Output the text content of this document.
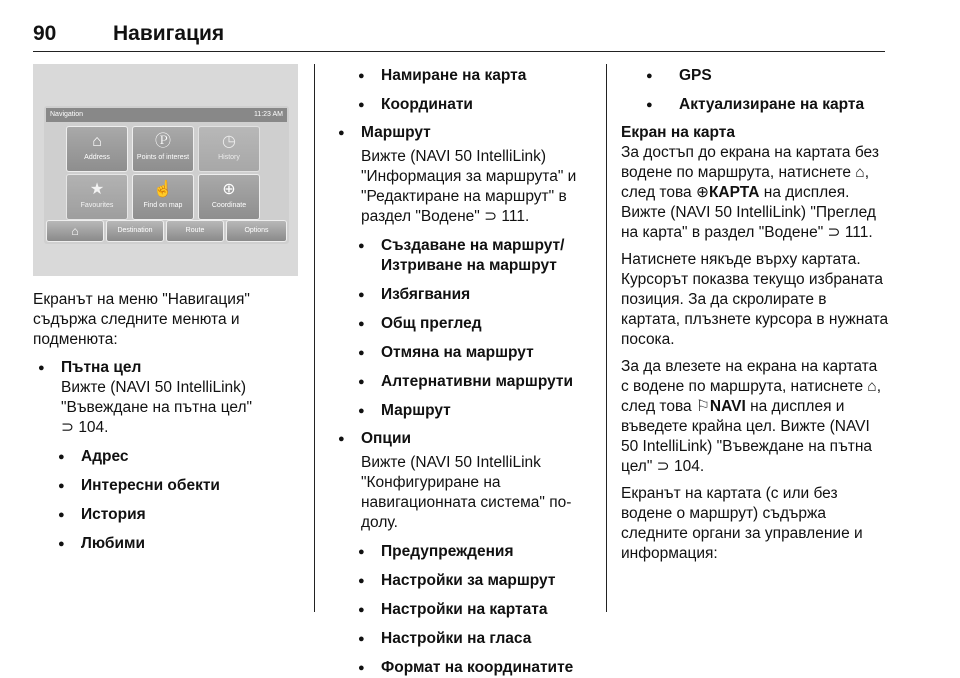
90	Навигация
Navigation	11:23 AM
⌂
Address
Ⓟ
Points of interest
◷
History
★
Favourites
☝
Find on map
⊕
Coordinate
⌂	Destination	Route	Options

Екранът на меню "Навигация" съдържа следните менюта и подменюта:

● Пътна цел

Вижте (NAVI 50 IntelliLink) "Въвеждане на пътна цел"
⊃ 104.

● Адрес

● Интересни обекти

● История

● Любими

● Намиране на карта

● Координати

● Маршрут

Вижте (NAVI 50 IntelliLink) "Информация за маршрута" и "Редактиране на маршрут" в раздел "Водене" ⊃ 111.

● Създаване на маршрут/ Изтриване на маршрут

● Избягвания

● Общ преглед

● Отмяна на маршрут

● Алтернативни маршрути

● Маршрут

● Опции

Вижте (NAVI 50 IntelliLink "Конфигуриране на навигационната система" по-долу.

● Предупреждения

● Настройки за маршрут

● Настройки на картата

● Настройки на гласа

● Формат на координатите

● GPS

● Актуализиране на карта

Екран на карта

За достъп до екрана на картата без водене по маршрута, натиснете ⌂, след това ⊕КАРТА на дисплея. Вижте (NAVI 50 IntelliLink) "Преглед на карта" в раздел "Водене" ⊃ 111.

Натиснете някъде върху картата. Курсорът показва текущо избраната позиция. За да скролирате в картата, плъзнете курсора в нужната посока.

За да влезете на екрана на картата с водене по маршрута, натиснете ⌂, след това ⚐NAVI на дисплея и въведете крайна цел. Вижте (NAVI 50 IntelliLink) "Въвеждане на пътна цел" ⊃ 104.

Екранът на картата (с или без водене о маршрут) съдържа следните органи за управление и информация:
